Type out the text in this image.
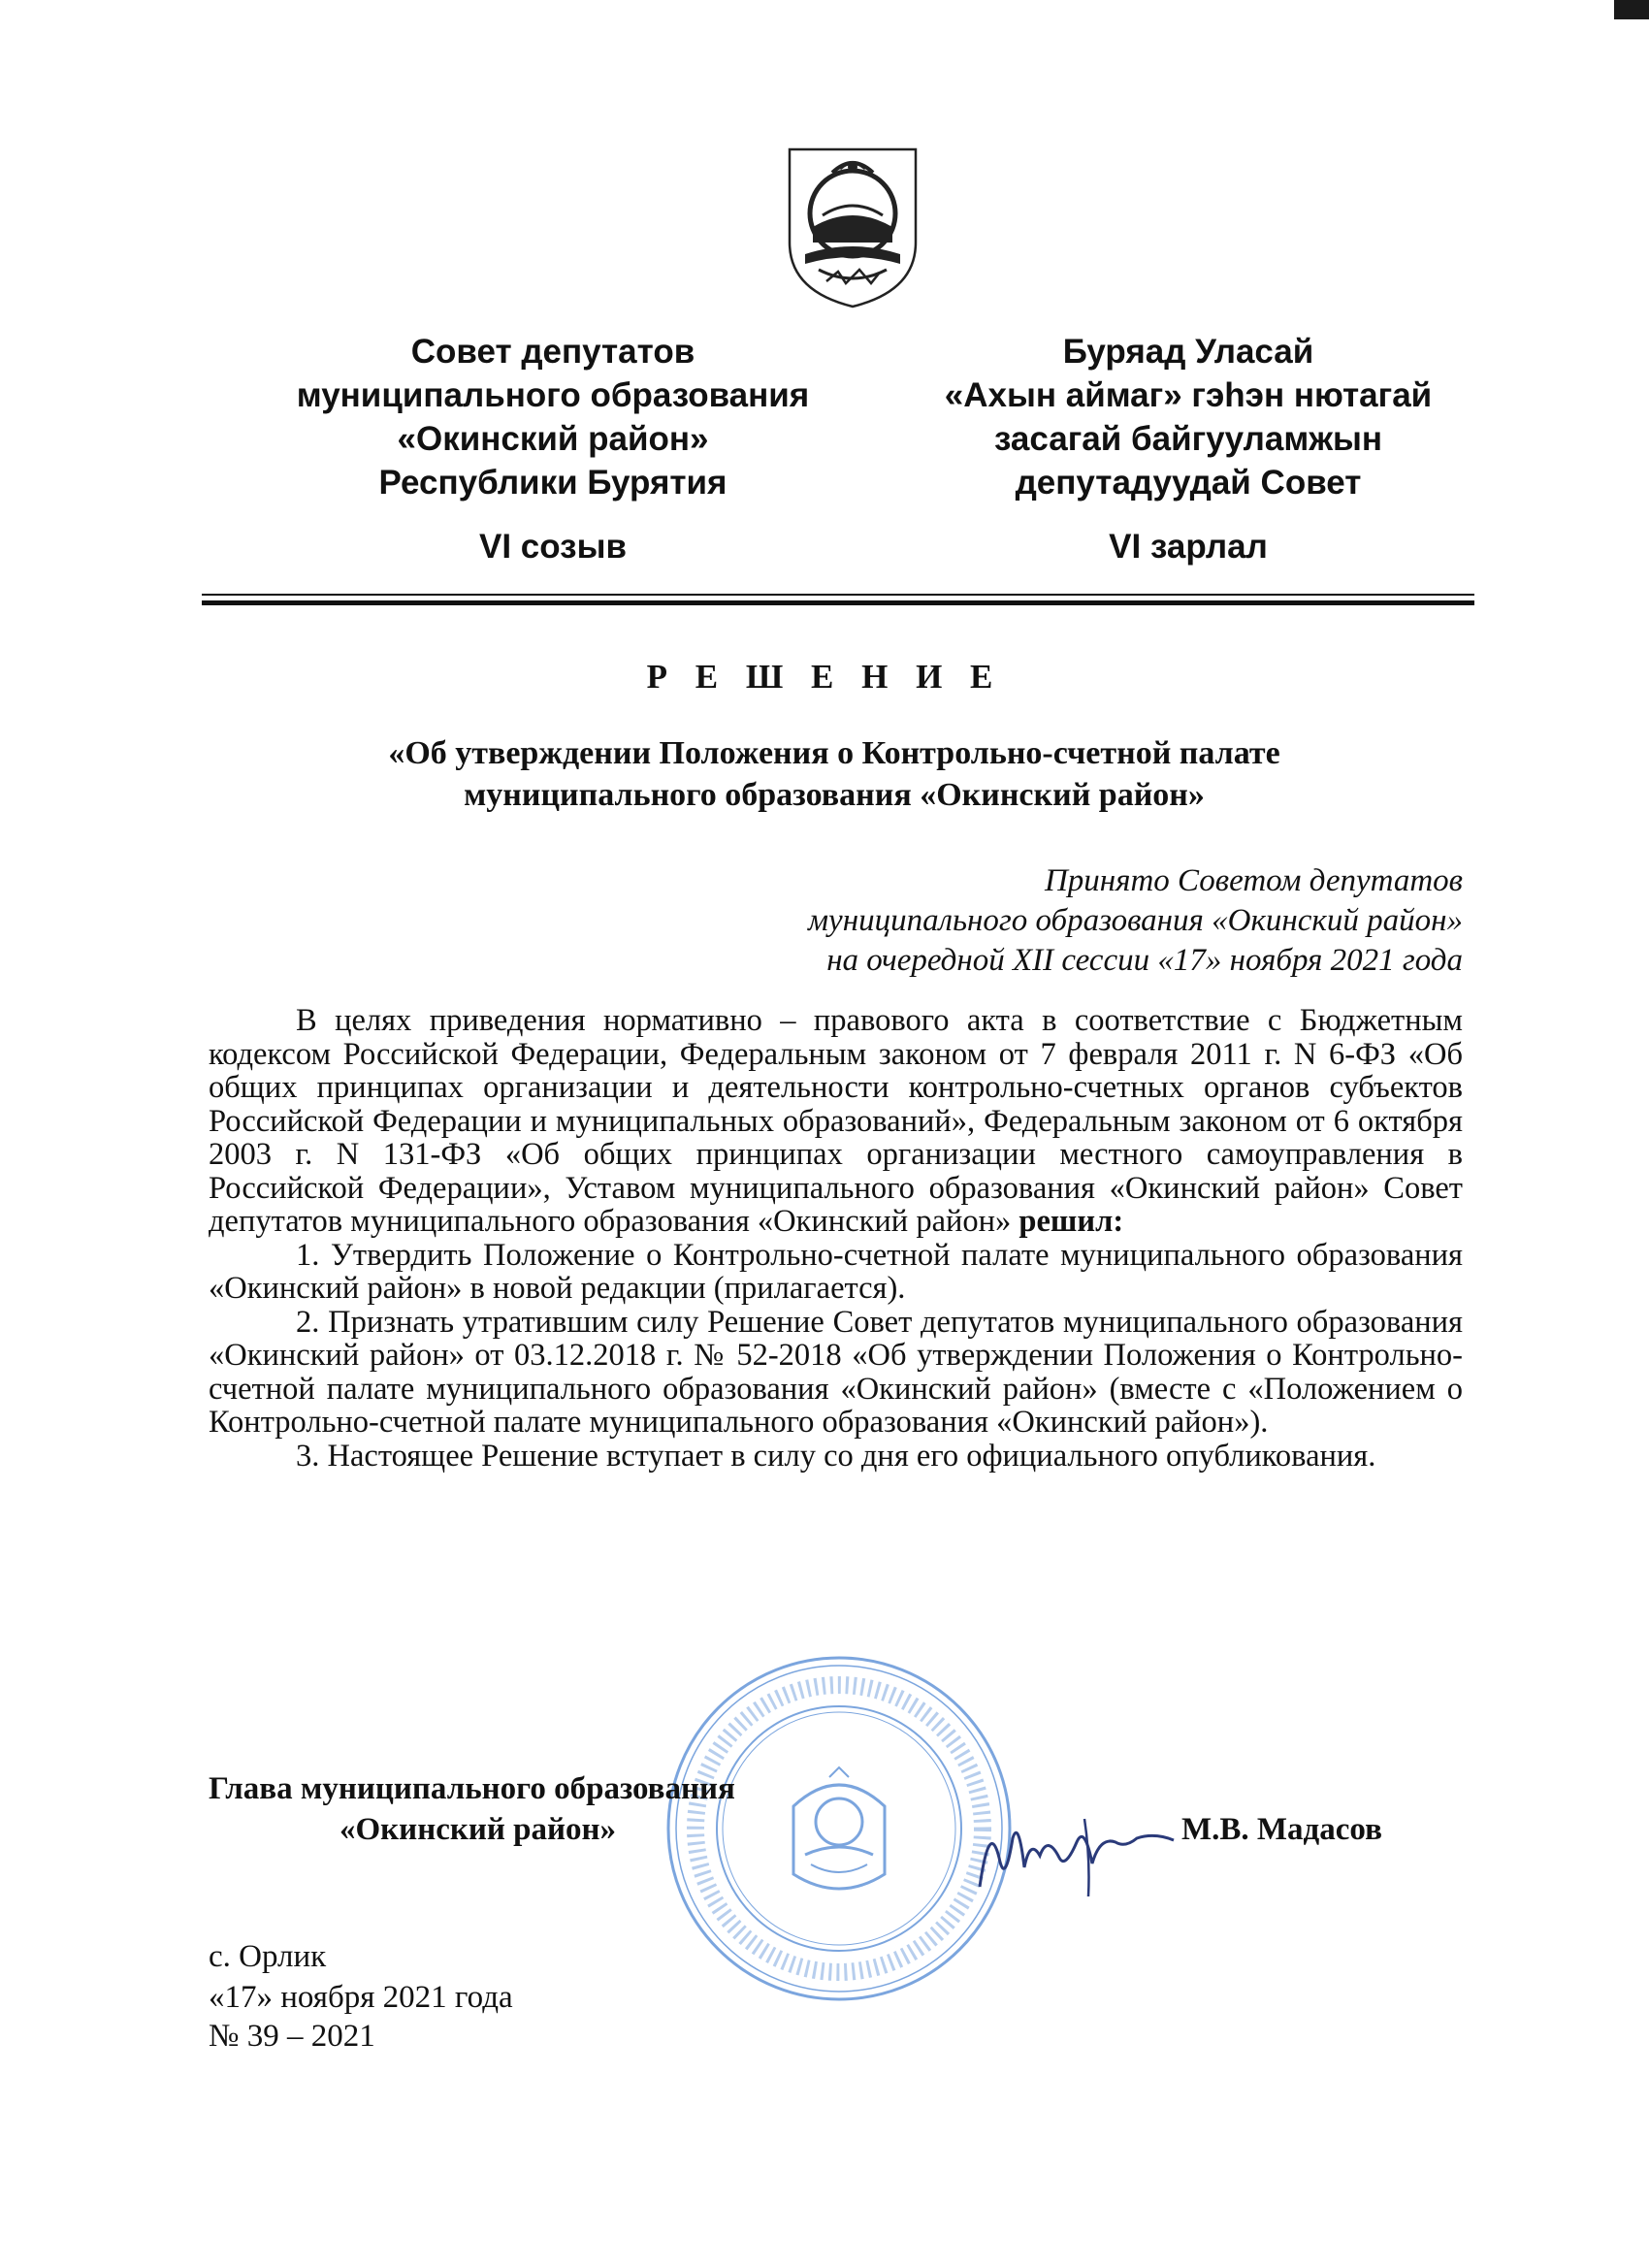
Совет депутатов
муниципального образования
«Окинский район»
Республики Бурятия
Буряад Уласай
«Ахын аймаг» гэhэн нютагай
засагай байгууламжын
депутадуудай Совет
VI созыв	VI зарлал
Р Е Ш Е Н И Е
«Об утверждении Положения о Контрольно-счетной палате
муниципального образования «Окинский район»
Принято Советом депутатов
муниципального образования «Окинский район»
на очередной XII сессии «17» ноября 2021 года

В целях приведения нормативно – правового акта в соответствие с Бюджетным кодексом Российской Федерации, Федеральным законом от 7 февраля 2011 г. N 6-ФЗ «Об общих принципах организации и деятельности контрольно-счетных органов субъектов Российской Федерации и муниципальных образований», Федеральным законом от 6 октября 2003 г. N 131-ФЗ «Об общих принципах организации местного самоуправления в Российской Федерации», Уставом муниципального образования «Окинский район» Совет депутатов муниципального образования «Окинский район» решил:

1. Утвердить Положение о Контрольно-счетной палате муниципального образования «Окинский район» в новой редакции (прилагается).

2. Признать утратившим силу Решение Совет депутатов муниципального образования «Окинский район» от 03.12.2018 г. № 52-2018 «Об утверждении Положения о Контрольно-счетной палате муниципального образования «Окинский район» (вместе с «Положением о Контрольно-счетной палате муниципального образования «Окинский район»).

3. Настоящее Решение вступает в силу со дня его официального опубликования.

Глава муниципального образования
«Окинский район»	М.В. Мадасов
с. Орлик
«17» ноября 2021 года
№ 39 – 2021
